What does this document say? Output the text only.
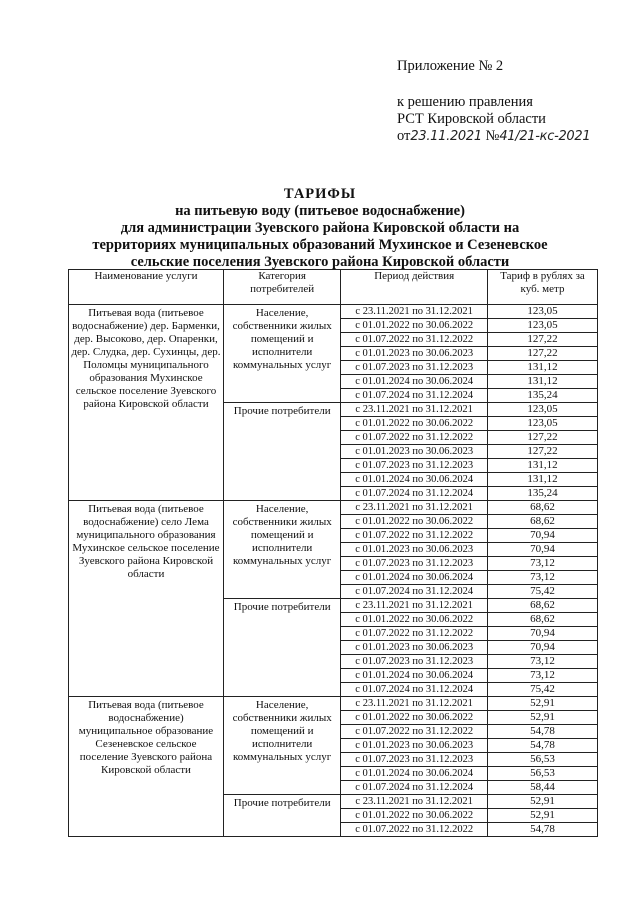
Приложение № 2
к решению правления
РСТ Кировской области
от23.11.2021 №41/21-кс-2021
ТАРИФЫ
на питьевую воду (питьевое водоснабжение)
для администрации Зуевского района Кировской области на
территориях муниципальных образований Мухинское и Сезеневское
сельские поселения Зуевского района Кировской области
Наименование услуги	Категория потребителей	Период действия	Тариф в рублях за куб. метр
Питьевая вода (питьевое водоснабжение) дер. Барменки, дер. Высоково, дер. Опаренки, дер. Слудка, дер. Сухинцы, дер. Поломцы муниципального образования Мухинское сельское поселение Зуевского района Кировской области	Население, собственники жилых помещений и исполнители коммунальных услуг	с 23.11.2021 по 31.12.2021	123,05
		с 01.01.2022 по 30.06.2022	123,05
		с 01.07.2022 по 31.12.2022	127,22
		с 01.01.2023 по 30.06.2023	127,22
		с 01.07.2023 по 31.12.2023	131,12
		с 01.01.2024 по 30.06.2024	131,12
		с 01.07.2024 по 31.12.2024	135,24
	Прочие потребители	с 23.11.2021 по 31.12.2021	123,05
		с 01.01.2022 по 30.06.2022	123,05
		с 01.07.2022 по 31.12.2022	127,22
		с 01.01.2023 по 30.06.2023	127,22
		с 01.07.2023 по 31.12.2023	131,12
		с 01.01.2024 по 30.06.2024	131,12
		с 01.07.2024 по 31.12.2024	135,24
Питьевая вода (питьевое водоснабжение) село Лема муниципального образования Мухинское сельское поселение Зуевского района Кировской области	Население, собственники жилых помещений и исполнители коммунальных услуг	с 23.11.2021 по 31.12.2021	68,62
		с 01.01.2022 по 30.06.2022	68,62
		с 01.07.2022 по 31.12.2022	70,94
		с 01.01.2023 по 30.06.2023	70,94
		с 01.07.2023 по 31.12.2023	73,12
		с 01.01.2024 по 30.06.2024	73,12
		с 01.07.2024 по 31.12.2024	75,42
	Прочие потребители	с 23.11.2021 по 31.12.2021	68,62
		с 01.01.2022 по 30.06.2022	68,62
		с 01.07.2022 по 31.12.2022	70,94
		с 01.01.2023 по 30.06.2023	70,94
		с 01.07.2023 по 31.12.2023	73,12
		с 01.01.2024 по 30.06.2024	73,12
		с 01.07.2024 по 31.12.2024	75,42
Питьевая вода (питьевое водоснабжение) муниципальное образование Сезеневское сельское поселение Зуевского района Кировской области	Население, собственники жилых помещений и исполнители коммунальных услуг	с 23.11.2021 по 31.12.2021	52,91
		с 01.01.2022 по 30.06.2022	52,91
		с 01.07.2022 по 31.12.2022	54,78
		с 01.01.2023 по 30.06.2023	54,78
		с 01.07.2023 по 31.12.2023	56,53
		с 01.01.2024 по 30.06.2024	56,53
		с 01.07.2024 по 31.12.2024	58,44
	Прочие потребители	с 23.11.2021 по 31.12.2021	52,91
		с 01.01.2022 по 30.06.2022	52,91
		с 01.07.2022 по 31.12.2022	54,78
